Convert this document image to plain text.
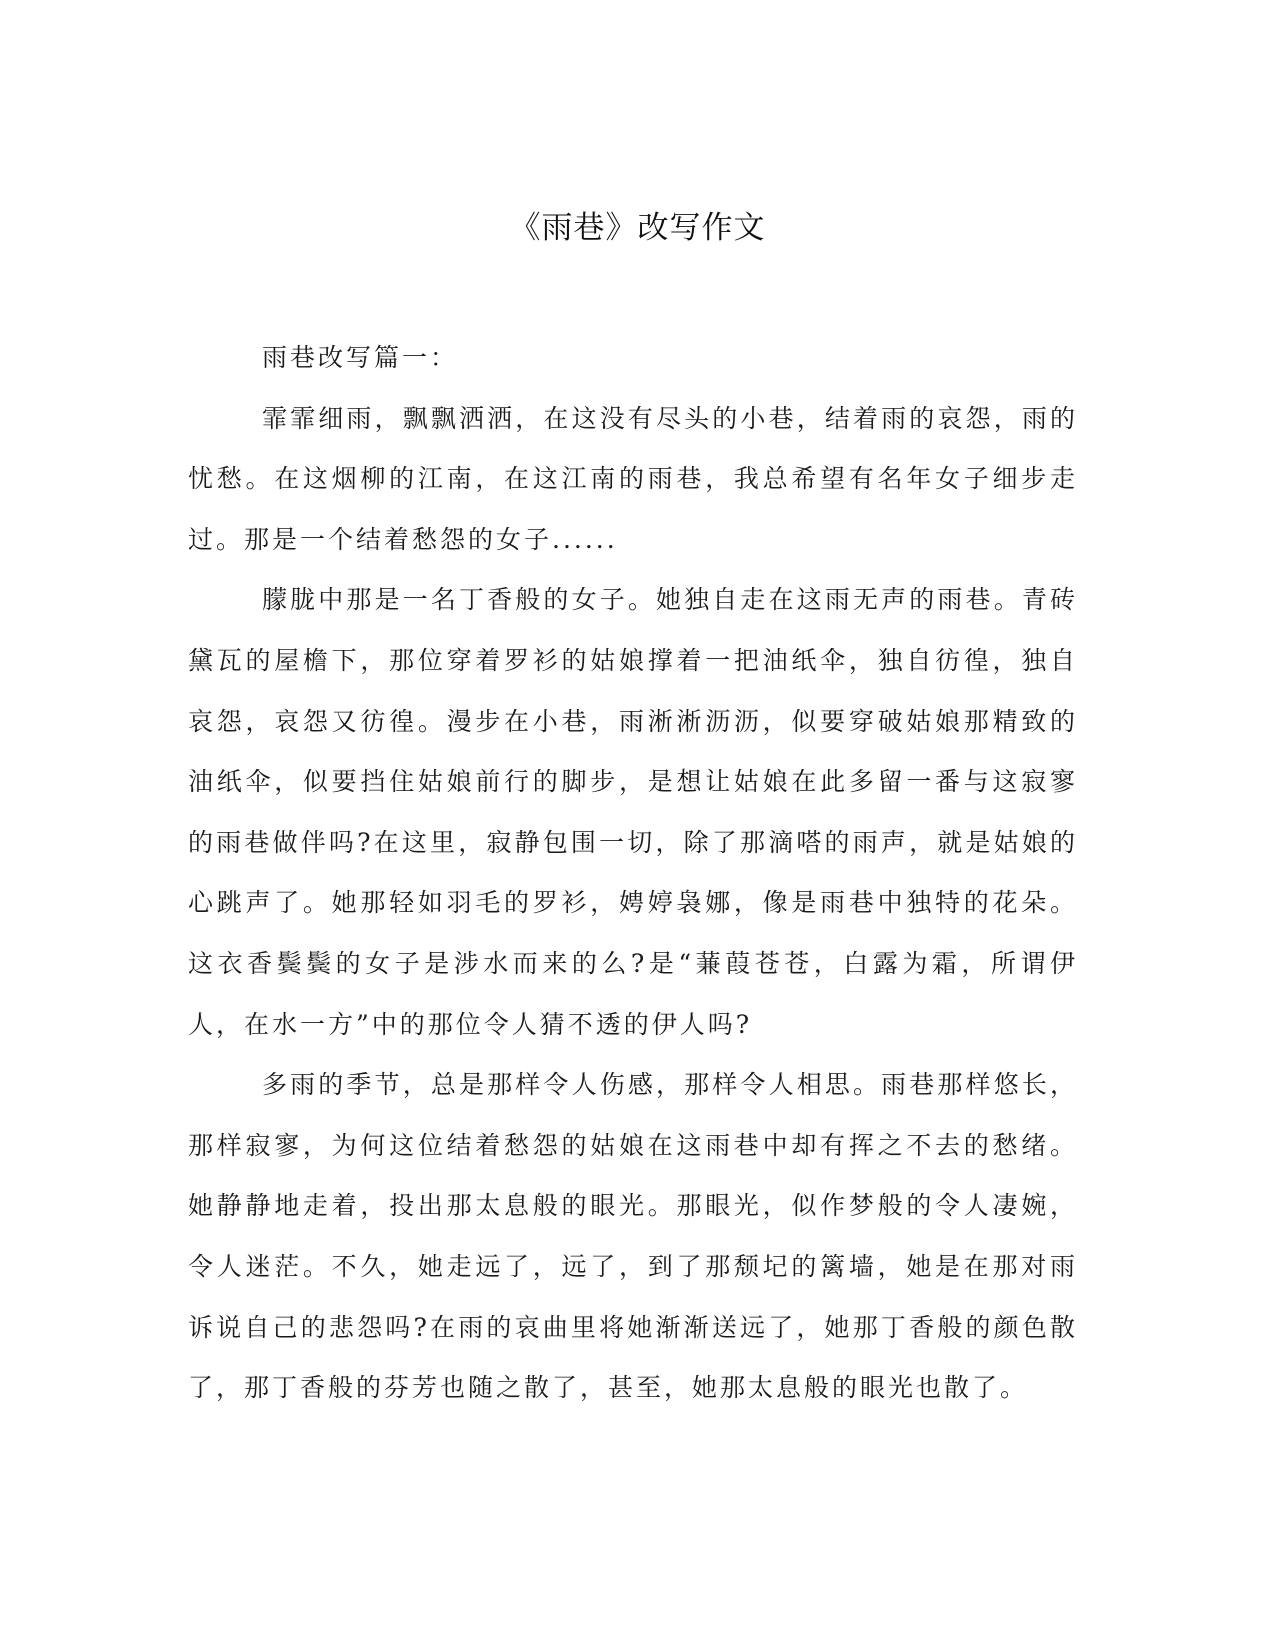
《雨巷》改写作文

雨巷改写篇一：

霏霏细雨，飘飘洒洒，在这没有尽头的小巷，结着雨的哀怨，雨的忧愁。在这烟柳的江南，在这江南的雨巷，我总希望有名年女子细步走过。那是一个结着愁怨的女子......

朦胧中那是一名丁香般的女子。她独自走在这雨无声的雨巷。青砖黛瓦的屋檐下，那位穿着罗衫的姑娘撑着一把油纸伞，独自彷徨，独自哀怨，哀怨又彷徨。漫步在小巷，雨淅淅沥沥，似要穿破姑娘那精致的油纸伞，似要挡住姑娘前行的脚步，是想让姑娘在此多留一番与这寂寥的雨巷做伴吗?在这里，寂静包围一切，除了那滴嗒的雨声，就是姑娘的心跳声了。她那轻如羽毛的罗衫，娉婷袅娜，像是雨巷中独特的花朵。这衣香鬓鬓的女子是涉水而来的么?是“蒹葭苍苍，白露为霜，所谓伊人，在水一方”中的那位令人猜不透的伊人吗?

多雨的季节，总是那样令人伤感，那样令人相思。雨巷那样悠长，那样寂寥，为何这位结着愁怨的姑娘在这雨巷中却有挥之不去的愁绪。她静静地走着，投出那太息般的眼光。那眼光，似作梦般的令人凄婉，令人迷茫。不久，她走远了，远了，到了那颓圮的篱墙，她是在那对雨诉说自己的悲怨吗?在雨的哀曲里将她渐渐送远了，她那丁香般的颜色散了，那丁香般的芬芳也随之散了，甚至，她那太息般的眼光也散了。
